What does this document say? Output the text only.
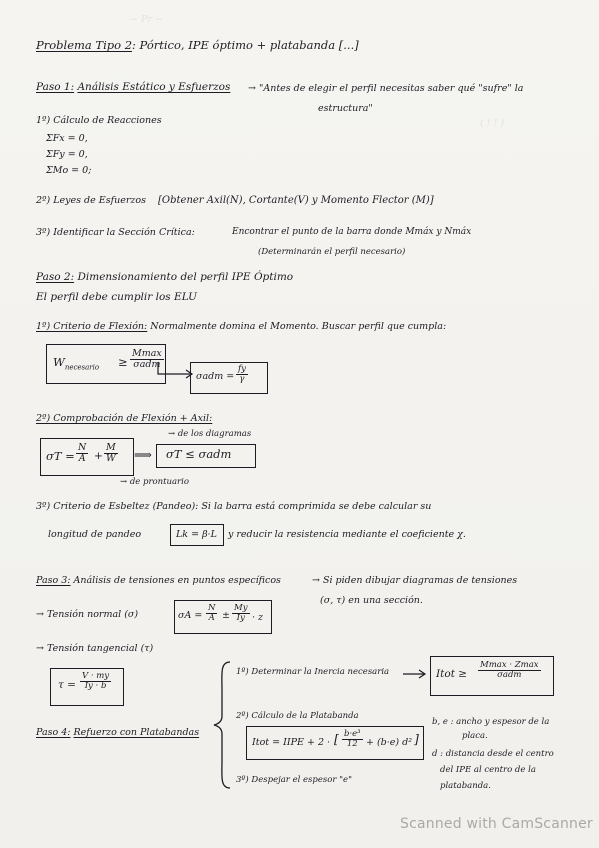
~ Pr ~
( ! ! )
Problema Tipo 2: Pórtico, IPE óptimo + platabanda [...]
Paso 1: Análisis Estático y Esfuerzos → "Antes de elegir el perfil necesitas saber qué "sufre" la
estructura"
1º) Cálculo de Reacciones
ΣFx = 0,
ΣFy = 0,
ΣMo = 0;
2º) Leyes de Esfuerzos [Obtener Axil(N), Cortante(V) y Momento Flector (M)]
3º) Identificar la Sección Crítica:	Encontrar el punto de la barra donde Mmáx y Nmáx
(Determinarán el perfil necesario)
Paso 2: Dimensionamiento del perfil IPE Óptimo
El perfil debe cumplir los ELU
1º) Criterio de Flexión: Normalmente domina el Momento. Buscar perfil que cumpla:
$W_{necesario}$ ≥
Mmax
σadm
$\sigma adm = \frac{fy}{\gamma}$
2º) Comprobación de Flexión + Axil:
→ de los diagramas
$\sigma T = \frac{N}{A} + \frac{M}{W}$ ⟹ σT ≤ σadm
→ de prontuario
3º) Criterio de Esbeltez (Pandeo): Si la barra está comprimida se debe calcular su
longitud de pandeo	Lk = β·L y reducir la resistencia mediante el coeficiente χ.
Paso 3: Análisis de tensiones en puntos específicos	→ Si piden dibujar diagramas de tensiones
(σ, τ) en una sección.
→ Tensión normal (σ)	$\sigma A = \frac{N}{A} \pm \frac{My}{Iy} \cdot z$
→ Tensión tangencial (τ)
$\tau = \frac{V \cdot my}{Iy \cdot b}$
Paso 4: Refuerzo con Platabandas
1º) Determinar la Inercia necesaria	Itot ≥
Mmax · Zmax
σadm
2º) Cálculo de la Platabanda
Itot = IIPE + 2 · [ $\frac{\text{b·e³}}{12} + (b\cdot e)$ d² ]
b, e : ancho y espesor de la
placa.
d : distancia desde el centro
del IPE al centro de la
platabanda.
3º) Despejar el espesor "e"
Scanned with CamScanner
